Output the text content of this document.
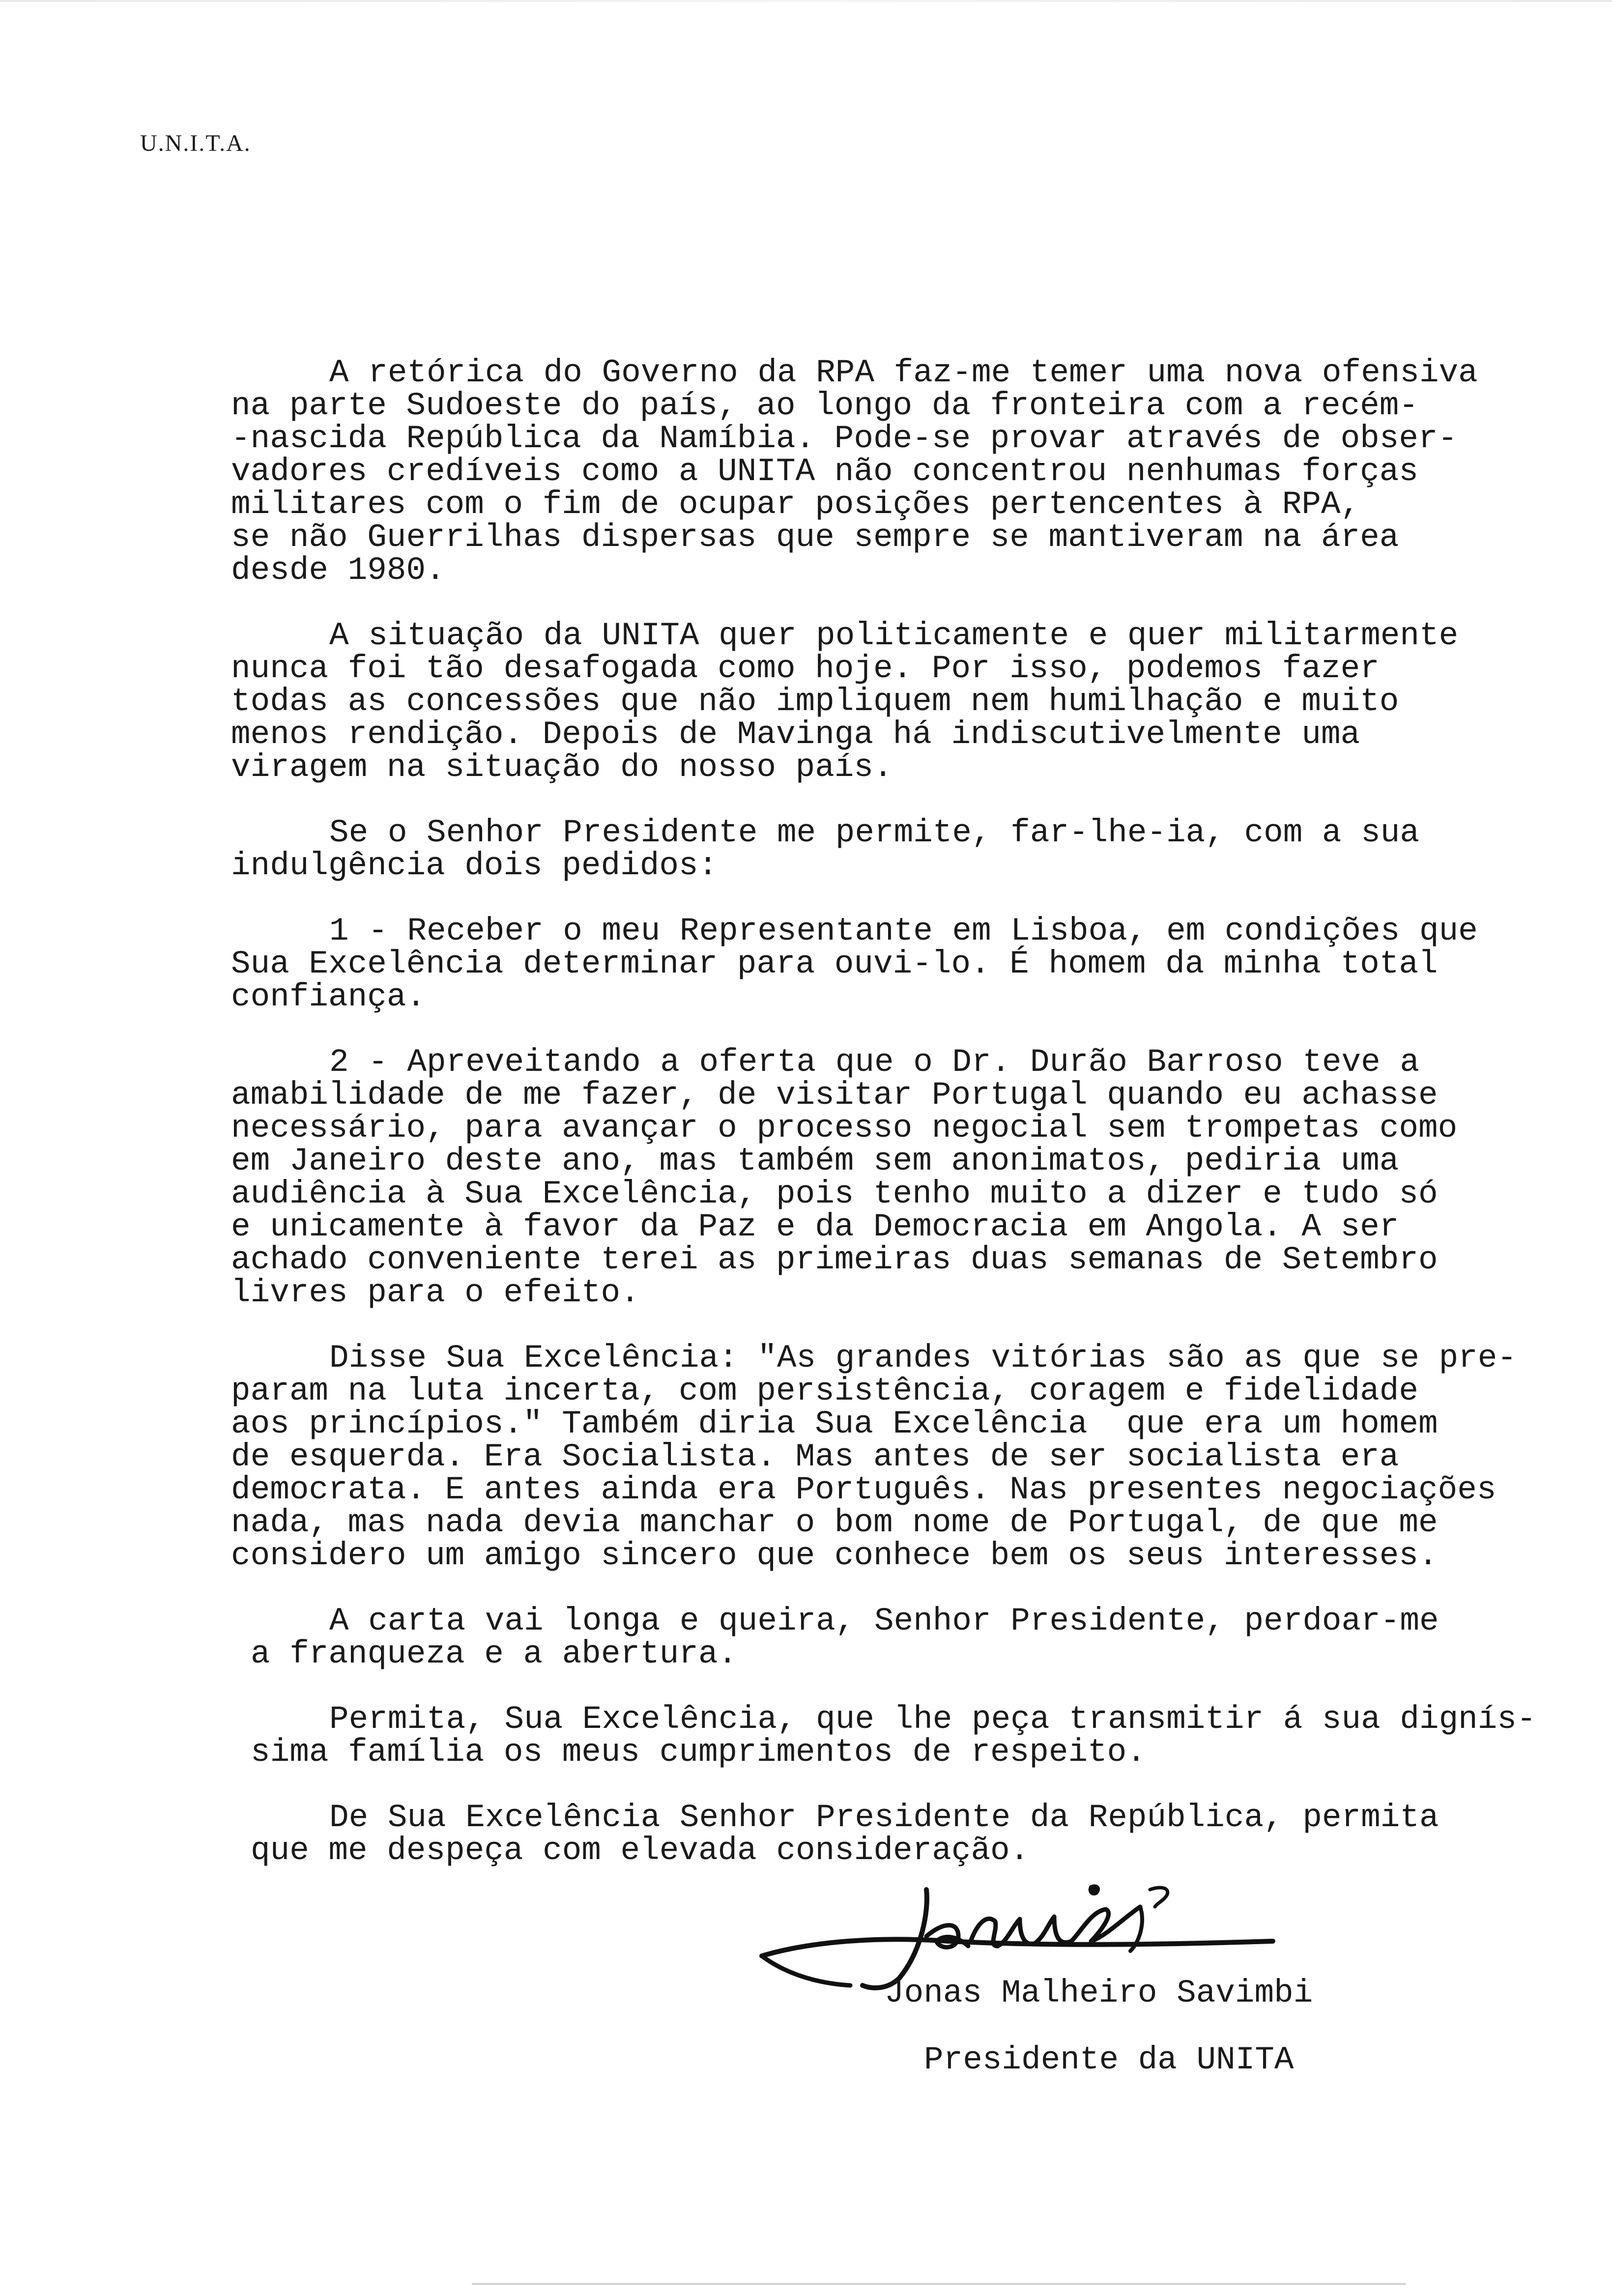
U.N.I.T.A.

A retórica do Governo da RPA faz-me temer uma nova ofensiva

na parte Sudoeste do país, ao longo da fronteira com a recém-

-nascida República da Namíbia. Pode-se provar através de obser-

vadores credíveis como a UNITA não concentrou nenhumas forças

militares com o fim de ocupar posições pertencentes à RPA,

se não Guerrilhas dispersas que sempre se mantiveram na área

desde 1980.

A situação da UNITA quer politicamente e quer militarmente

nunca foi tão desafogada como hoje. Por isso, podemos fazer

todas as concessões que não impliquem nem humilhação e muito

menos rendição. Depois de Mavinga há indiscutivelmente uma

viragem na situação do nosso país.

Se o Senhor Presidente me permite, far-lhe-ia, com a sua

indulgência dois pedidos:

1 - Receber o meu Representante em Lisboa, em condições que

Sua Excelência determinar para ouvi-lo. É homem da minha total

confiança.

2 - Apreveitando a oferta que o Dr. Durão Barroso teve a

amabilidade de me fazer, de visitar Portugal quando eu achasse

necessário, para avançar o processo negocial sem trompetas como

em Janeiro deste ano, mas também sem anonimatos, pediria uma

audiência à Sua Excelência, pois tenho muito a dizer e tudo só

e unicamente à favor da Paz e da Democracia em Angola. A ser

achado conveniente terei as primeiras duas semanas de Setembro

livres para o efeito.

Disse Sua Excelência: "As grandes vitórias são as que se pre-

param na luta incerta, com persistência, coragem e fidelidade

aos princípios." Também diria Sua Excelência  que era um homem

de esquerda. Era Socialista. Mas antes de ser socialista era

democrata. E antes ainda era Português. Nas presentes negociações

nada, mas nada devia manchar o bom nome de Portugal, de que me

considero um amigo sincero que conhece bem os seus interesses.

A carta vai longa e queira, Senhor Presidente, perdoar-me

a franqueza e a abertura.

Permita, Sua Excelência, que lhe peça transmitir á sua dignís-

sima família os meus cumprimentos de respeito.

De Sua Excelência Senhor Presidente da República, permita

que me despeça com elevada consideração.

Jonas Malheiro Savimbi

Presidente da UNITA
